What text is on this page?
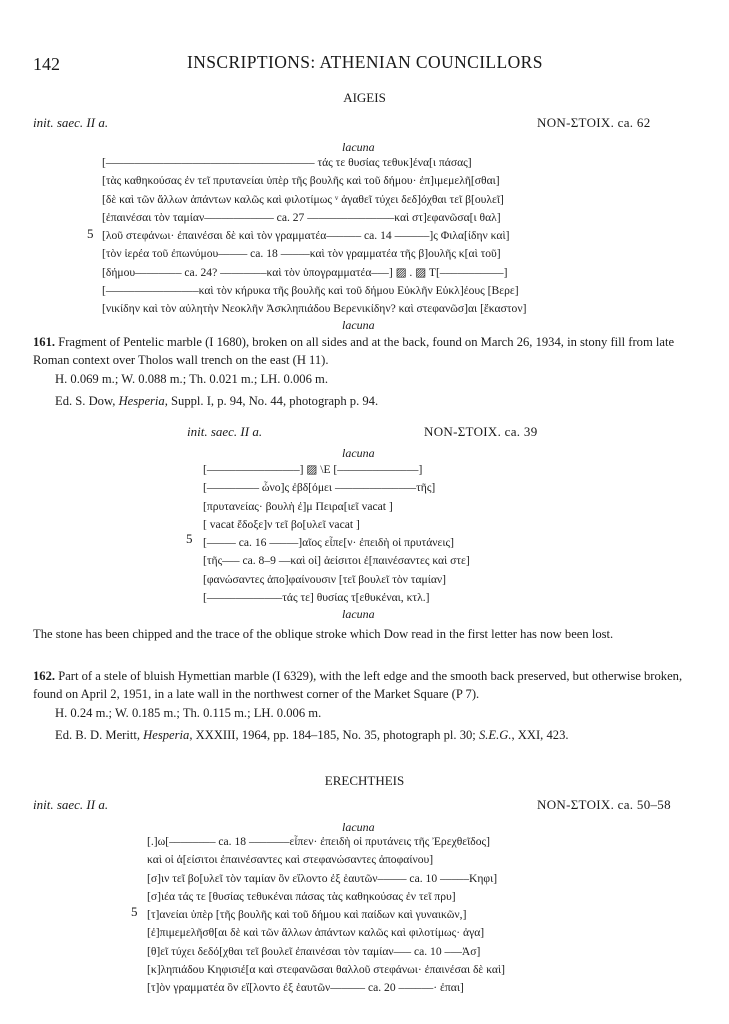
142	INSCRIPTIONS: ATHENIAN COUNCILLORS
AIGEIS
init. saec. II a.	NON-ΣΤΟΙΧ. ca. 62
lacuna
[–––––––––––––––––––––––––––––––––––– τάς τε θυσίας τεθυκ]ένα[ι πάσας]
[τὰς καθηκούσας ἐν τεῖ πρυτανείαι ὑπὲρ τῆς βουλῆς καὶ τοῦ δήμου· ἐπ]ιμεμελῆ[σθαι]
[δὲ καὶ τῶν ἄλλων ἁπάντων καλῶς καὶ φιλοτίμως ᵛ ἀγαθεῖ τύχει δεδ]όχθαι τεῖ β[ουλεῖ]
[ἐπαινέσαι τὸν ταμίαν–––––––––––– ca. 27 –––––––––––––––καὶ στ]εφανῶσα[ι θαλ]
[λοῦ στεφάνωι· ἐπαινέσαι δὲ καὶ τὸν γραμματέα–––––– ca. 14 ––––––]ς Φιλα[ίδην καὶ]
[τὸν ἱερέα τοῦ ἐπωνύμου––––– ca. 18 –––––καὶ τὸν γραμματέα τῆς β]ουλῆς κ[αὶ τοῦ]
[δήμου–––––––– ca. 24? ––––––––καὶ τὸν ὑπογραμματέα–––] ▨ . ▨ Τ[–––––––––––]
[––––––––––––––––καὶ τὸν κήρυκα τῆς βουλῆς καὶ τοῦ δήμου Εὐκλῆν Εὐκλ]έους [Βερε]
[νικίδην καὶ τὸν αὐλητὴν Νεοκλῆν Ἀσκληπιάδου Βερενικίδην? καὶ στεφανῶσ]αι [ἕκαστον]
5
lacuna
161. Fragment of Pentelic marble (I 1680), broken on all sides and at the back, found on March 26, 1934, in stony fill from late Roman context over Tholos wall trench on the east (H 11).
H. 0.069 m.; W. 0.088 m.; Th. 0.021 m.; LH. 0.006 m.
Ed. S. Dow, Hesperia, Suppl. I, p. 94, No. 44, photograph p. 94.
init. saec. II a.	NON-ΣΤΟΙΧ. ca. 39
lacuna
[––––––––––––––––] ▨ \Ε [––––––––––––––]
[––––––––– ὦνο]ς ἐβδ[όμει ––––––––––––––τῆς]
[πρυτανείας· βουλὴ ἐ]μ Πειρα[ιεῖ vacat ]
[ vacat ἔδοξε]ν τεῖ βο[υλεῖ vacat ]
[––––– ca. 16 –––––]αῖος εἶπε[ν· ἐπειδὴ οἱ πρυτάνεις]
[τῆς––– ca. 8–9 ––καὶ οἱ] ἀείσιτοι ἐ[παινέσαντες καὶ στε]
[φανώσαντες ἀπο]φαίνουσιν [τεῖ βουλεῖ τὸν ταμίαν]
[–––––––––––––τάς τε] θυσίας τ[εθυκέναι, κτλ.]
5
lacuna
The stone has been chipped and the trace of the oblique stroke which Dow read in the first letter has now been lost.
162. Part of a stele of bluish Hymettian marble (I 6329), with the left edge and the smooth back preserved, but otherwise broken, found on April 2, 1951, in a late wall in the northwest corner of the Market Square (P 7).
H. 0.24 m.; W. 0.185 m.; Th. 0.115 m.; LH. 0.006 m.
Ed. B. D. Meritt, Hesperia, XXXIII, 1964, pp. 184–185, No. 35, photograph pl. 30; S.E.G., XXI, 423.
ERECHTHEIS
init. saec. II a.	NON-ΣΤΟΙΧ. ca. 50–58
lacuna
[.]ω[–––––––– ca. 18 –––––––εἶπεν· ἐπειδὴ οἱ πρυτάνεις τῆς Ἐρεχθεῖδος]
καὶ οἱ ἀ[είσιτοι ἐπαινέσαντες καὶ στεφανώσαντες ἀποφαίνου]
[σ]ιν τεῖ βο[υλεῖ τὸν ταμίαν ὃν εἵλοντο ἐξ ἑαυτῶν––––– ca. 10 –––––Κηφι]
[σ]ιέα τάς τε [θυσίας τεθυκέναι πάσας τὰς καθηκούσας ἐν τεῖ πρυ]
[τ]ανείαι ὑπὲρ [τῆς βουλῆς καὶ τοῦ δήμου καὶ παίδων καὶ γυναικῶν,]
[ἐ]πιμεμελῆσθ[αι δὲ καὶ τῶν ἄλλων ἁπάντων καλῶς καὶ φιλοτίμως· ἀγα]
[θ]εῖ τύχει δεδό[χθαι τεῖ βουλεῖ ἐπαινέσαι τὸν ταμίαν––– ca. 10 –––Ἀσ]
[κ]ληπιάδου Κηφισιέ[α καὶ στεφανῶσαι θαλλοῦ στεφάνωι· ἐπαινέσαι δὲ καὶ]
[τ]ὸν γραμματέα ὃν εἵ[λοντο ἐξ ἑαυτῶν–––––– ca. 20 ––––––· ἐπαι]
5
